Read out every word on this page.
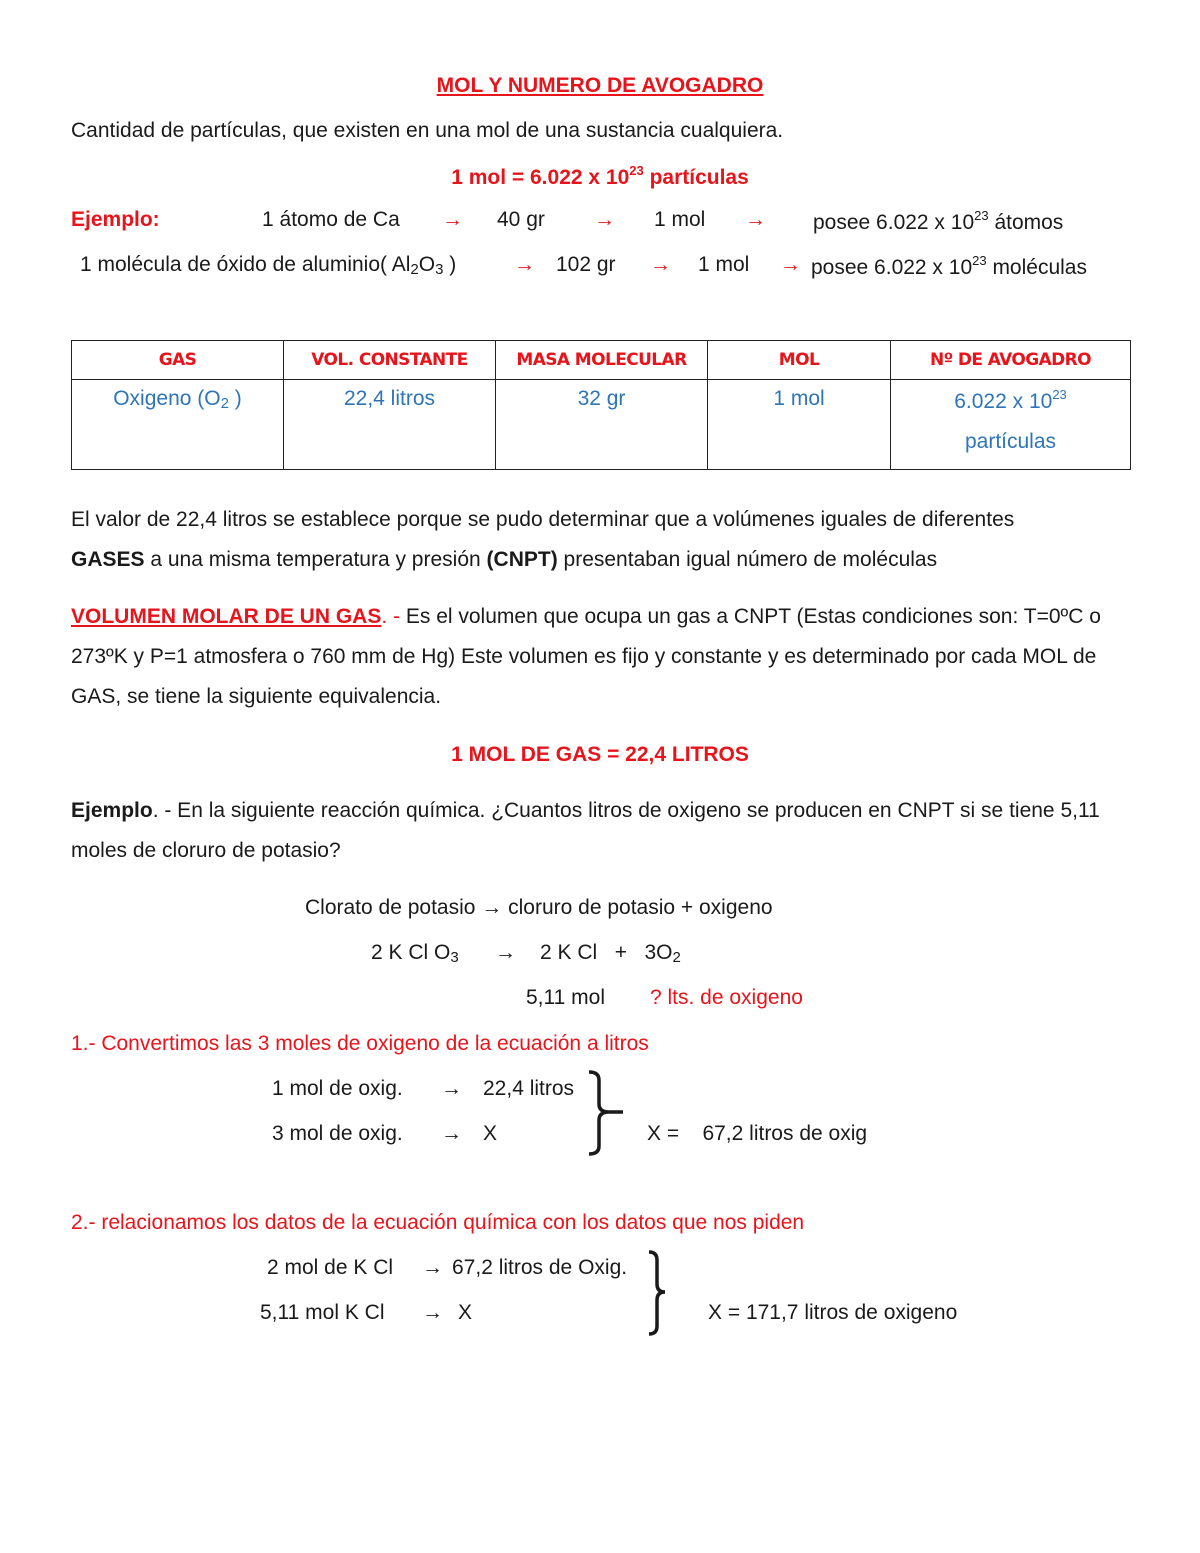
MOL Y NUMERO DE AVOGADRO
Cantidad de partículas, que existen en una mol de una sustancia cualquiera.
1 mol = 6.022 x $10^{23}$ partículas
Ejemplo:	1 átomo de Ca → 40 gr → 1 mol → posee 6.022 x $10^{23}$ átomos
1 molécula de óxido de aluminio( $Al_2O_3$ )	→ 102 gr → 1 mol → posee 6.022 x $10^{23}$ moléculas
GAS	VOL. CONSTANTE	MASA MOLECULAR	MOL	Nº DE AVOGADRO

Oxigeno ($O_2$ )	22,4 litros	32 gr	1 mol	6.022 x $10^{23}$
partículas
El valor de 22,4 litros se establece porque se pudo determinar que a volúmenes iguales de diferentes
GASES a una misma temperatura y presión (CNPT) presentaban igual número de moléculas
VOLUMEN MOLAR DE UN GAS. - Es el volumen que ocupa un gas a CNPT (Estas condiciones son: T=0ºC o 273ºK y P=1 atmosfera o 760 mm de Hg) Este volumen es fijo y constante y es determinado por cada MOL de GAS, se tiene la siguiente equivalencia.
1 MOL DE GAS = 22,4 LITROS
Ejemplo. - En la siguiente reacción química. ¿Cuantos litros de oxigeno se producen en CNPT si se tiene 5,11 moles de cloruro de potasio?
Clorato de potasio → cloruro de potasio + oxigeno
2 K Cl $O_3 \to 2$ K $Cl + 3O_2$
5,11 mol ? lts. de oxigeno
1.- Convertimos las 3 moles de oxigeno de la ecuación a litros
1 mol de oxig. → 22,4 litros
3 mol de oxig. → X	X =    67,2 litros de oxig
2.- relacionamos los datos de la ecuación química con los datos que nos piden
2 mol de K Cl → 67,2 litros de Oxig.
5,11 mol K Cl → X	X = 171,7 litros de oxigeno
